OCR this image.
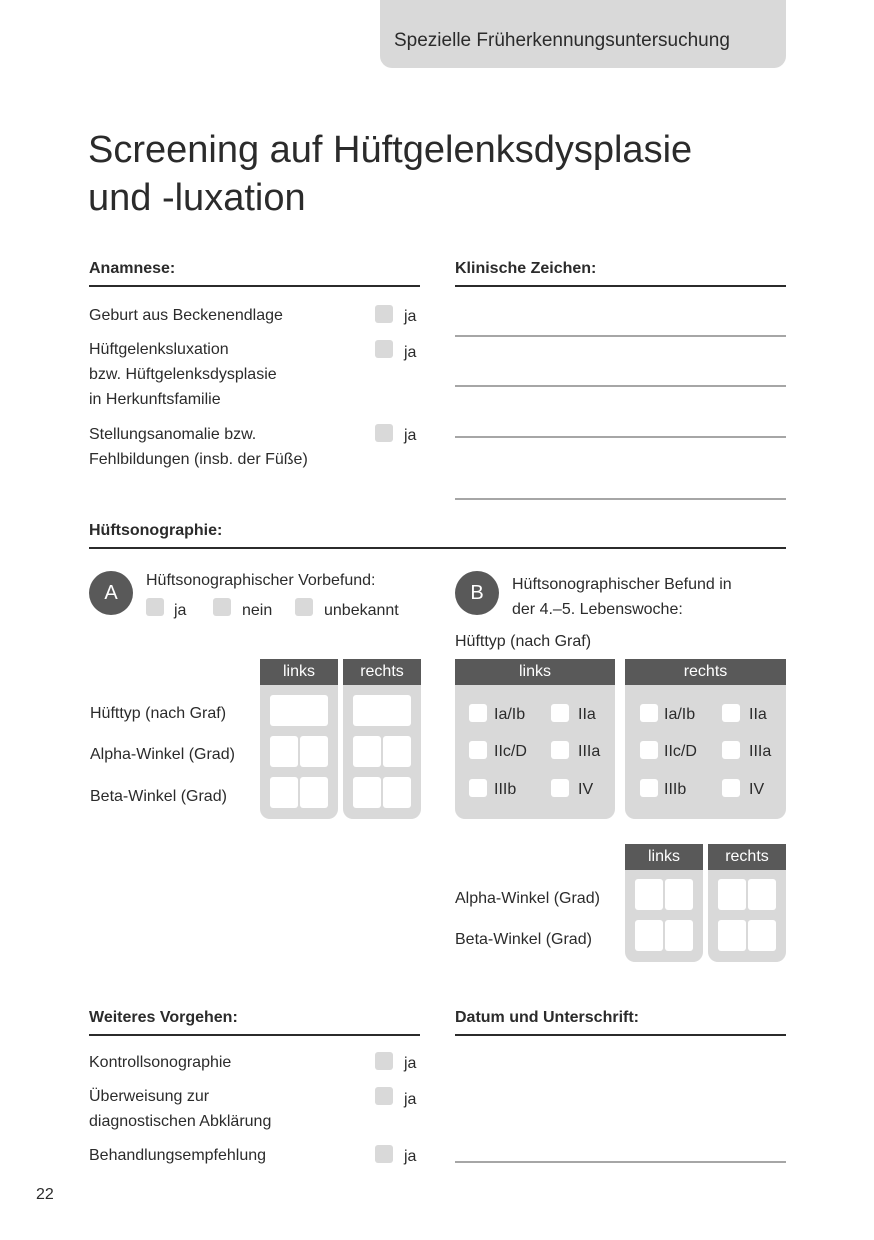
Spezielle Früherkennungsuntersuchung
Screening auf Hüftgelenksdysplasie
und -luxation
Anamnese:
Geburt aus Beckenendlage	ja
Hüftgelenksluxation
bzw. Hüftgelenksdysplasie
in Herkunftsfamilie
ja
Stellungsanomalie bzw.
Fehlbildungen (insb. der Füße)
ja
Klinische Zeichen:
Hüftsonographie:
A
Hüftsonographischer Vorbefund:
ja	nein	unbekannt
links	rechts
Hüfttyp (nach Graf)
Alpha-Winkel (Grad)
Beta-Winkel (Grad)
B	Hüftsonographischer Befund in
der 4.–5. Lebenswoche:
Hüfttyp (nach Graf)
links	rechts
Ia/Ib	IIa
IIc/D	IIIa
IIIb	IV
Ia/Ib	IIa
IIc/D	IIIa
IIIb	IV
links	rechts
Alpha-Winkel (Grad)
Beta-Winkel (Grad)
Weiteres Vorgehen:
Kontrollsonographie	ja
Überweisung zur
diagnostischen Abklärung
ja
Behandlungsempfehlung	ja
Datum und Unterschrift:
22
